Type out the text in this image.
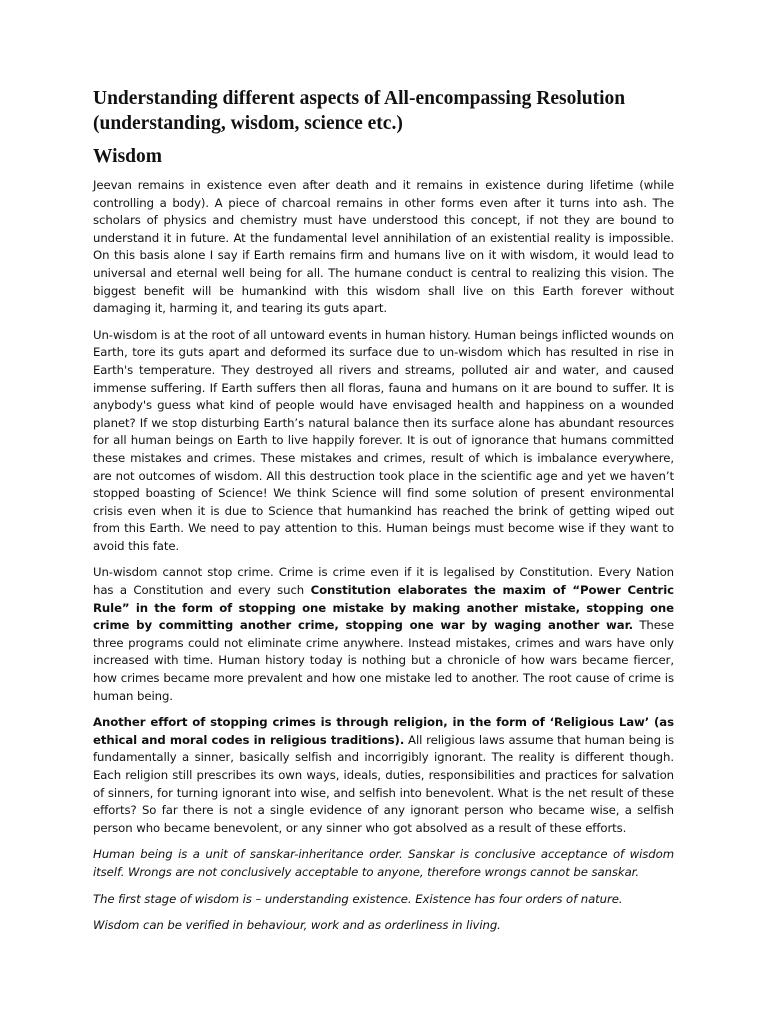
Understanding different aspects of All-encompassing Resolution (understanding, wisdom, science etc.)
Wisdom

Jeevan remains in existence even after death and it remains in existence during lifetime (while controlling a body). A piece of charcoal remains in other forms even after it turns into ash. The scholars of physics and chemistry must have understood this concept, if not they are bound to understand it in future. At the fundamental level annihilation of an existential reality is impossible. On this basis alone I say if Earth remains firm and humans live on it with wisdom, it would lead to universal and eternal well being for all. The humane conduct is central to realizing this vision. The biggest benefit will be humankind with this wisdom shall live on this Earth forever without damaging it, harming it, and tearing its guts apart.

Un-wisdom is at the root of all untoward events in human history. Human beings inflicted wounds on Earth, tore its guts apart and deformed its surface due to un-wisdom which has resulted in rise in Earth's temperature. They destroyed all rivers and streams, polluted air and water, and caused immense suffering. If Earth suffers then all floras, fauna and humans on it are bound to suffer. It is anybody's guess what kind of people would have envisaged health and happiness on a wounded planet? If we stop disturbing Earth’s natural balance then its surface alone has abundant resources for all human beings on Earth to live happily forever. It is out of ignorance that humans committed these mistakes and crimes. These mistakes and crimes, result of which is imbalance everywhere, are not outcomes of wisdom. All this destruction took place in the scientific age and yet we haven’t stopped boasting of Science! We think Science will find some solution of present environmental crisis even when it is due to Science that humankind has reached the brink of getting wiped out from this Earth. We need to pay attention to this. Human beings must become wise if they want to avoid this fate.

Un-wisdom cannot stop crime. Crime is crime even if it is legalised by Constitution. Every Nation has a Constitution and every such Constitution elaborates the maxim of “Power Centric Rule” in the form of stopping one mistake by making another mistake, stopping one crime by committing another crime, stopping one war by waging another war. These three programs could not eliminate crime anywhere. Instead mistakes, crimes and wars have only increased with time. Human history today is nothing but a chronicle of how wars became fiercer, how crimes became more prevalent and how one mistake led to another. The root cause of crime is human being.

Another effort of stopping crimes is through religion, in the form of ‘Religious Law’ (as ethical and moral codes in religious traditions). All religious laws assume that human being is fundamentally a sinner, basically selfish and incorrigibly ignorant. The reality is different though. Each religion still prescribes its own ways, ideals, duties, responsibilities and practices for salvation of sinners, for turning ignorant into wise, and selfish into benevolent. What is the net result of these efforts? So far there is not a single evidence of any ignorant person who became wise, a selfish person who became benevolent, or any sinner who got absolved as a result of these efforts.

Human being is a unit of sanskar-inheritance order. Sanskar is conclusive acceptance of wisdom itself. Wrongs are not conclusively acceptable to anyone, therefore wrongs cannot be sanskar.

The first stage of wisdom is – understanding existence. Existence has four orders of nature.

Wisdom can be verified in behaviour, work and as orderliness in living.
